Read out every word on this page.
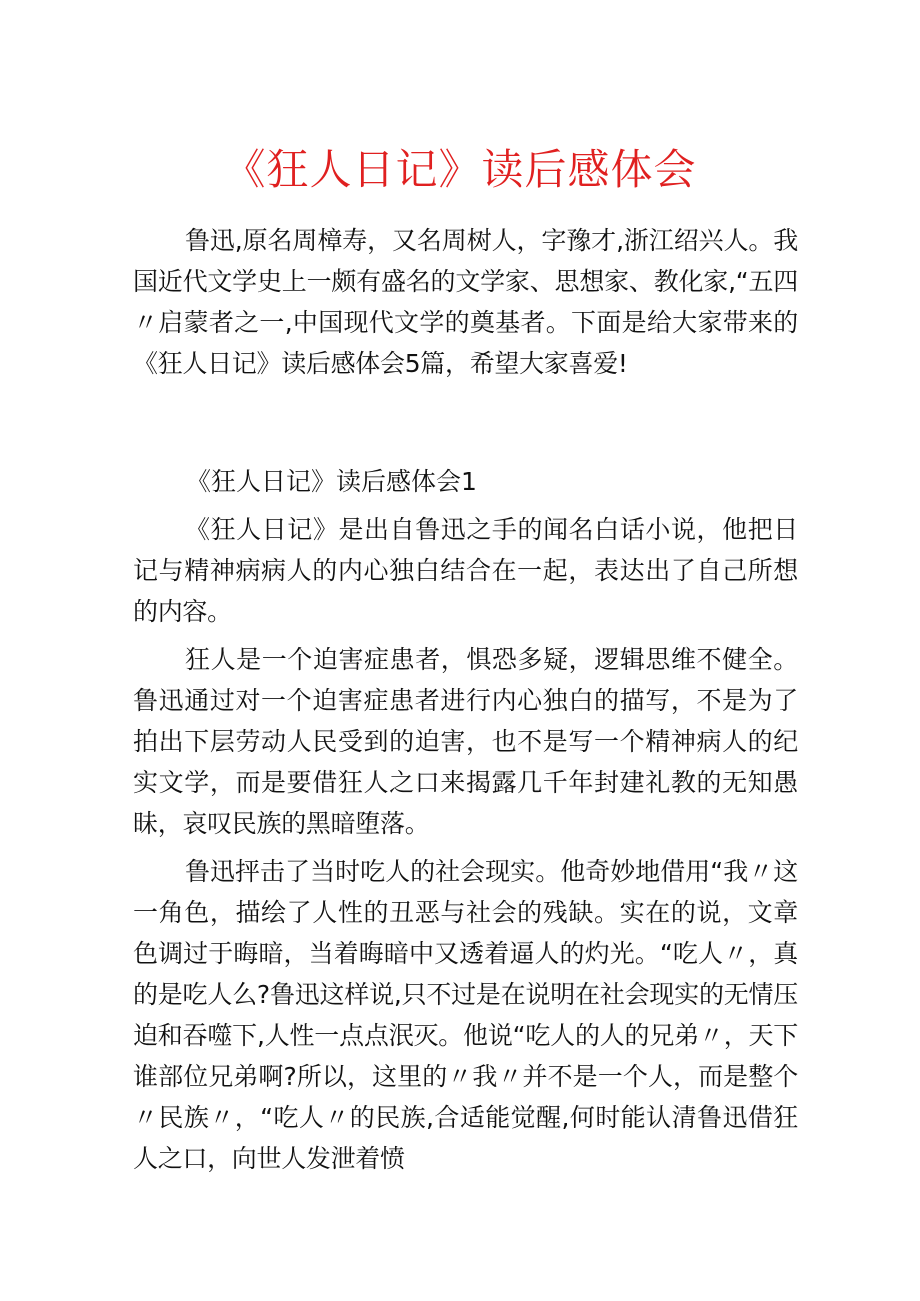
《狂人日记》读后感体会

鲁迅,原名周樟寿，又名周树人，字豫才,浙江绍兴人。我国近代文学史上一颇有盛名的文学家、思想家、教化家,“五四〃启蒙者之一,中国现代文学的奠基者。下面是给大家带来的《狂人日记》读后感体会5篇，希望大家喜爱!

《狂人日记》读后感体会1

《狂人日记》是出自鲁迅之手的闻名白话小说，他把日记与精神病病人的内心独白结合在一起，表达出了自己所想的内容。

狂人是一个迫害症患者，惧恐多疑，逻辑思维不健全。鲁迅通过对一个迫害症患者进行内心独白的描写，不是为了拍出下层劳动人民受到的迫害，也不是写一个精神病人的纪实文学，而是要借狂人之口来揭露几千年封建礼教的无知愚昧，哀叹民族的黑暗堕落。

鲁迅抨击了当时吃人的社会现实。他奇妙地借用“我〃这一角色，描绘了人性的丑恶与社会的残缺。实在的说，文章色调过于晦暗，当着晦暗中又透着逼人的灼光。“吃人〃，真的是吃人么?鲁迅这样说,只不过是在说明在社会现实的无情压迫和吞噬下,人性一点点泯灭。他说“吃人的人的兄弟〃，天下谁部位兄弟啊?所以，这里的〃我〃并不是一个人，而是整个〃民族〃，“吃人〃的民族,合适能觉醒,何时能认清鲁迅借狂人之口，向世人发泄着愤
